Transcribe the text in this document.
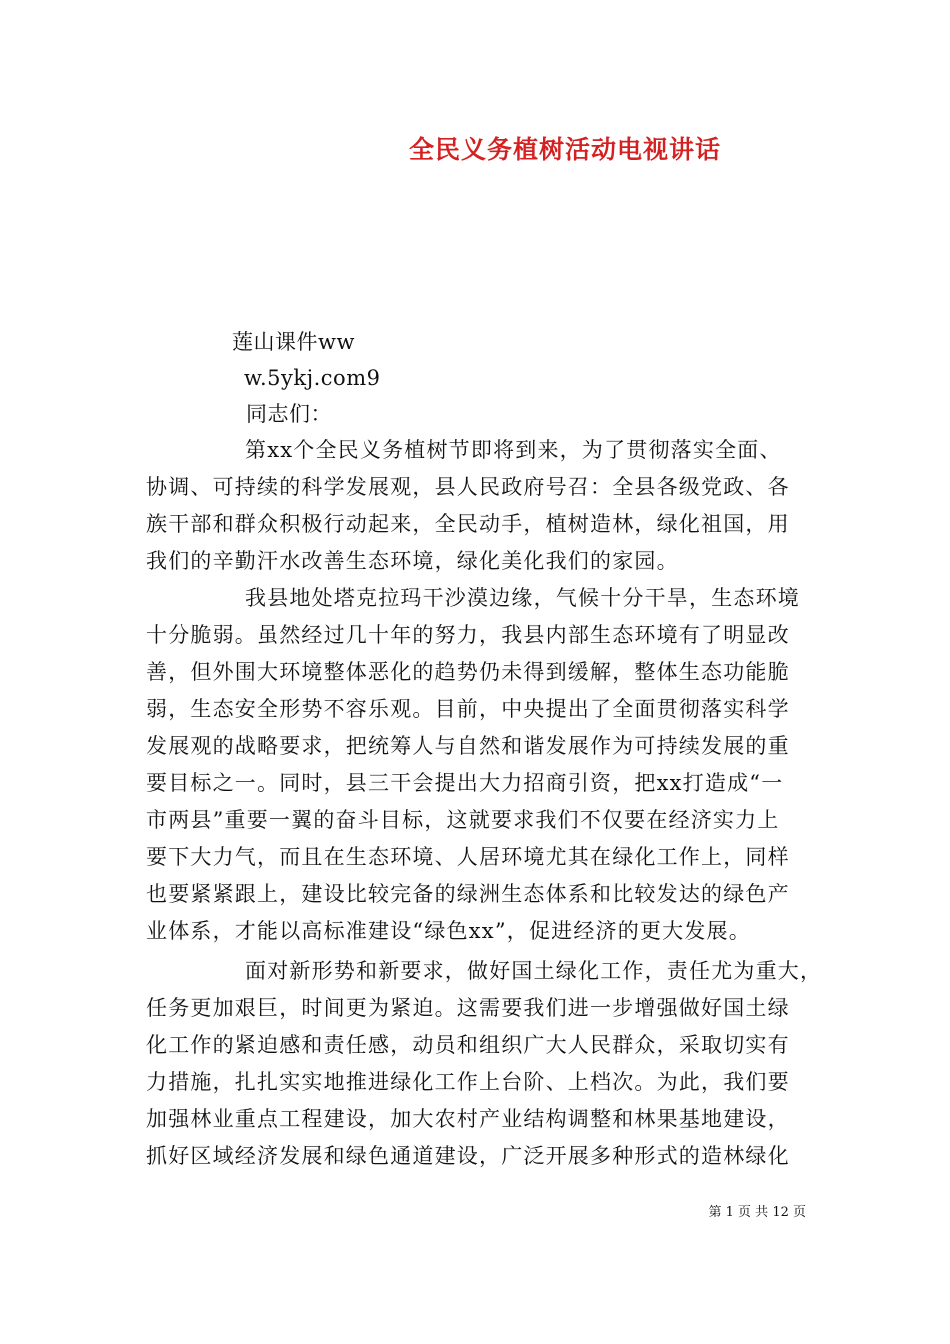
全民义务植树活动电视讲话
莲山课件ww
w.5ykj.com9
同志们：
第xx个全民义务植树节即将到来，为了贯彻落实全面、
协调、可持续的科学发展观，县人民政府号召：全县各级党政、各
族干部和群众积极行动起来，全民动手，植树造林，绿化祖国，用
我们的辛勤汗水改善生态环境，绿化美化我们的家园。
我县地处塔克拉玛干沙漠边缘，气候十分干旱，生态环境
十分脆弱。虽然经过几十年的努力，我县内部生态环境有了明显改
善，但外围大环境整体恶化的趋势仍未得到缓解，整体生态功能脆
弱，生态安全形势不容乐观。目前，中央提出了全面贯彻落实科学
发展观的战略要求，把统筹人与自然和谐发展作为可持续发展的重
要目标之一。同时，县三干会提出大力招商引资，把xx打造成“一
市两县”重要一翼的奋斗目标，这就要求我们不仅要在经济实力上
要下大力气，而且在生态环境、人居环境尤其在绿化工作上，同样
也要紧紧跟上，建设比较完备的绿洲生态体系和比较发达的绿色产
业体系，才能以高标准建设“绿色xx”，促进经济的更大发展。
面对新形势和新要求，做好国土绿化工作，责任尤为重大，
任务更加艰巨，时间更为紧迫。这需要我们进一步增强做好国土绿
化工作的紧迫感和责任感，动员和组织广大人民群众，采取切实有
力措施，扎扎实实地推进绿化工作上台阶、上档次。为此，我们要
加强林业重点工程建设，加大农村产业结构调整和林果基地建设，
抓好区域经济发展和绿色通道建设，广泛开展多种形式的造林绿化
第 1 页 共 12 页
